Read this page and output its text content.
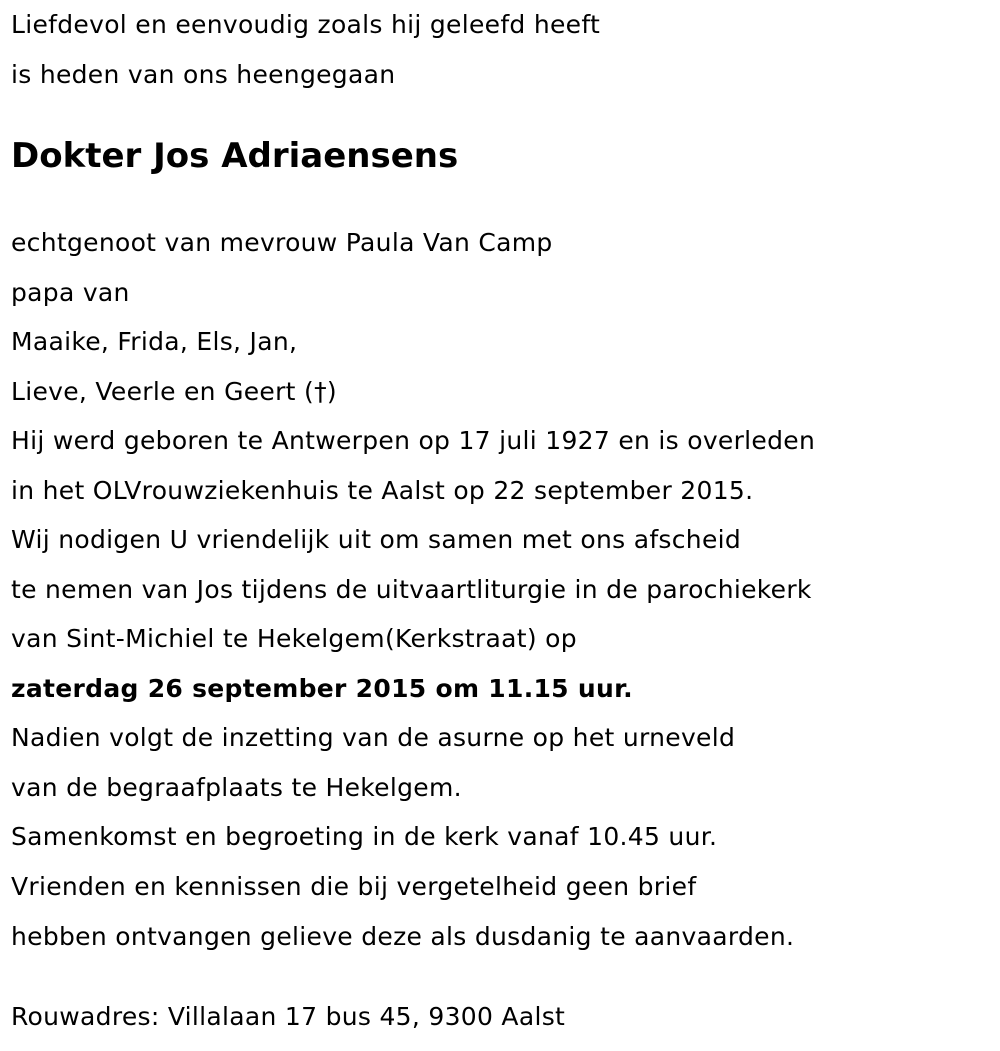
Liefdevol en eenvoudig zoals hij geleefd heeft
is heden van ons heengegaan
Dokter Jos Adriaensens
echtgenoot van mevrouw Paula Van Camp
papa van
Maaike, Frida, Els, Jan,
Lieve, Veerle en Geert (†)
Hij werd geboren te Antwerpen op 17 juli 1927 en is overleden
in het OLVrouwziekenhuis te Aalst op 22 september 2015.
Wij nodigen U vriendelijk uit om samen met ons afscheid
te nemen van Jos tijdens de uitvaartliturgie in de parochiekerk
van Sint-Michiel te Hekelgem(Kerkstraat) op
zaterdag 26 september 2015 om 11.15 uur.
Nadien volgt de inzetting van de asurne op het urneveld
van de begraafplaats te Hekelgem.
Samenkomst en begroeting in de kerk vanaf 10.45 uur.
Vrienden en kennissen die bij vergetelheid geen brief
hebben ontvangen gelieve deze als dusdanig te aanvaarden.
Rouwadres: Villalaan 17 bus 45, 9300 Aalst
